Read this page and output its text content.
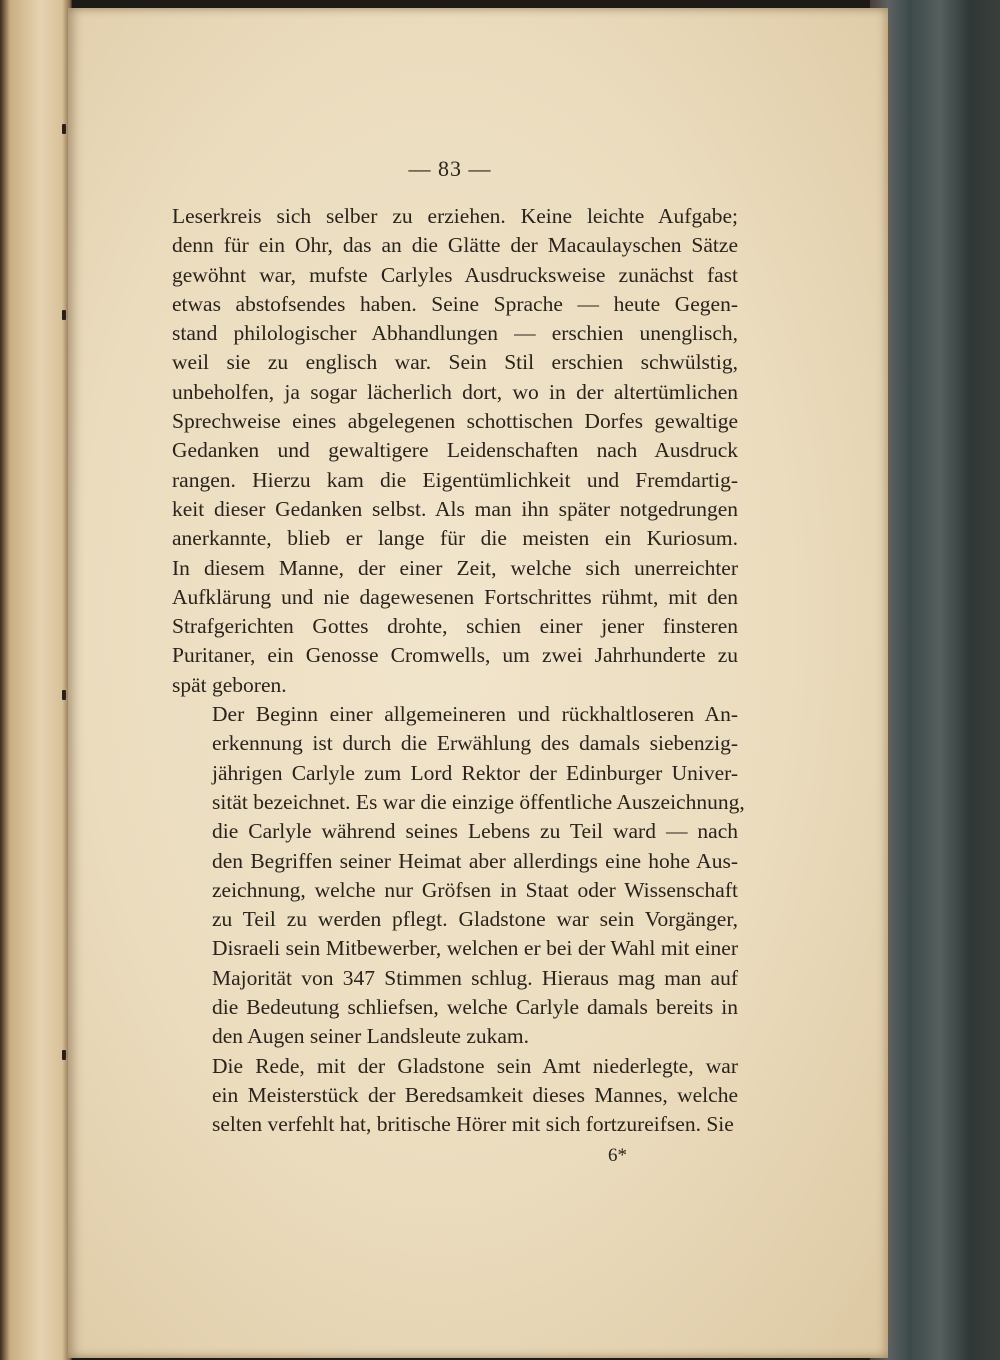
— 83 —
Leserkreis sich selber zu erziehen. Keine leichte Aufgabe;
denn für ein Ohr, das an die Glätte der Macaulayschen Sätze
gewöhnt war, mufste Carlyles Ausdrucksweise zunächst fast
etwas abstofsendes haben. Seine Sprache — heute Gegen-
stand philologischer Abhandlungen — erschien unenglisch,
weil sie zu englisch war. Sein Stil erschien schwülstig,
unbeholfen, ja sogar lächerlich dort, wo in der altertümlichen
Sprechweise eines abgelegenen schottischen Dorfes gewaltige
Gedanken und gewaltigere Leidenschaften nach Ausdruck
rangen. Hierzu kam die Eigentümlichkeit und Fremdartig-
keit dieser Gedanken selbst. Als man ihn später notgedrungen
anerkannte, blieb er lange für die meisten ein Kuriosum.
In diesem Manne, der einer Zeit, welche sich unerreichter
Aufklärung und nie dagewesenen Fortschrittes rühmt, mit den
Strafgerichten Gottes drohte, schien einer jener finsteren
Puritaner, ein Genosse Cromwells, um zwei Jahrhunderte zu
spät geboren.
Der Beginn einer allgemeineren und rückhaltloseren An-
erkennung ist durch die Erwählung des damals siebenzig-
jährigen Carlyle zum Lord Rektor der Edinburger Univer-
sität bezeichnet. Es war die einzige öffentliche Auszeichnung,
die Carlyle während seines Lebens zu Teil ward — nach
den Begriffen seiner Heimat aber allerdings eine hohe Aus-
zeichnung, welche nur Gröfsen in Staat oder Wissenschaft
zu Teil zu werden pflegt. Gladstone war sein Vorgänger,
Disraeli sein Mitbewerber, welchen er bei der Wahl mit einer
Majorität von 347 Stimmen schlug. Hieraus mag man auf
die Bedeutung schliefsen, welche Carlyle damals bereits in
den Augen seiner Landsleute zukam.
Die Rede, mit der Gladstone sein Amt niederlegte, war
ein Meisterstück der Beredsamkeit dieses Mannes, welche
selten verfehlt hat, britische Hörer mit sich fortzureifsen. Sie
6*
